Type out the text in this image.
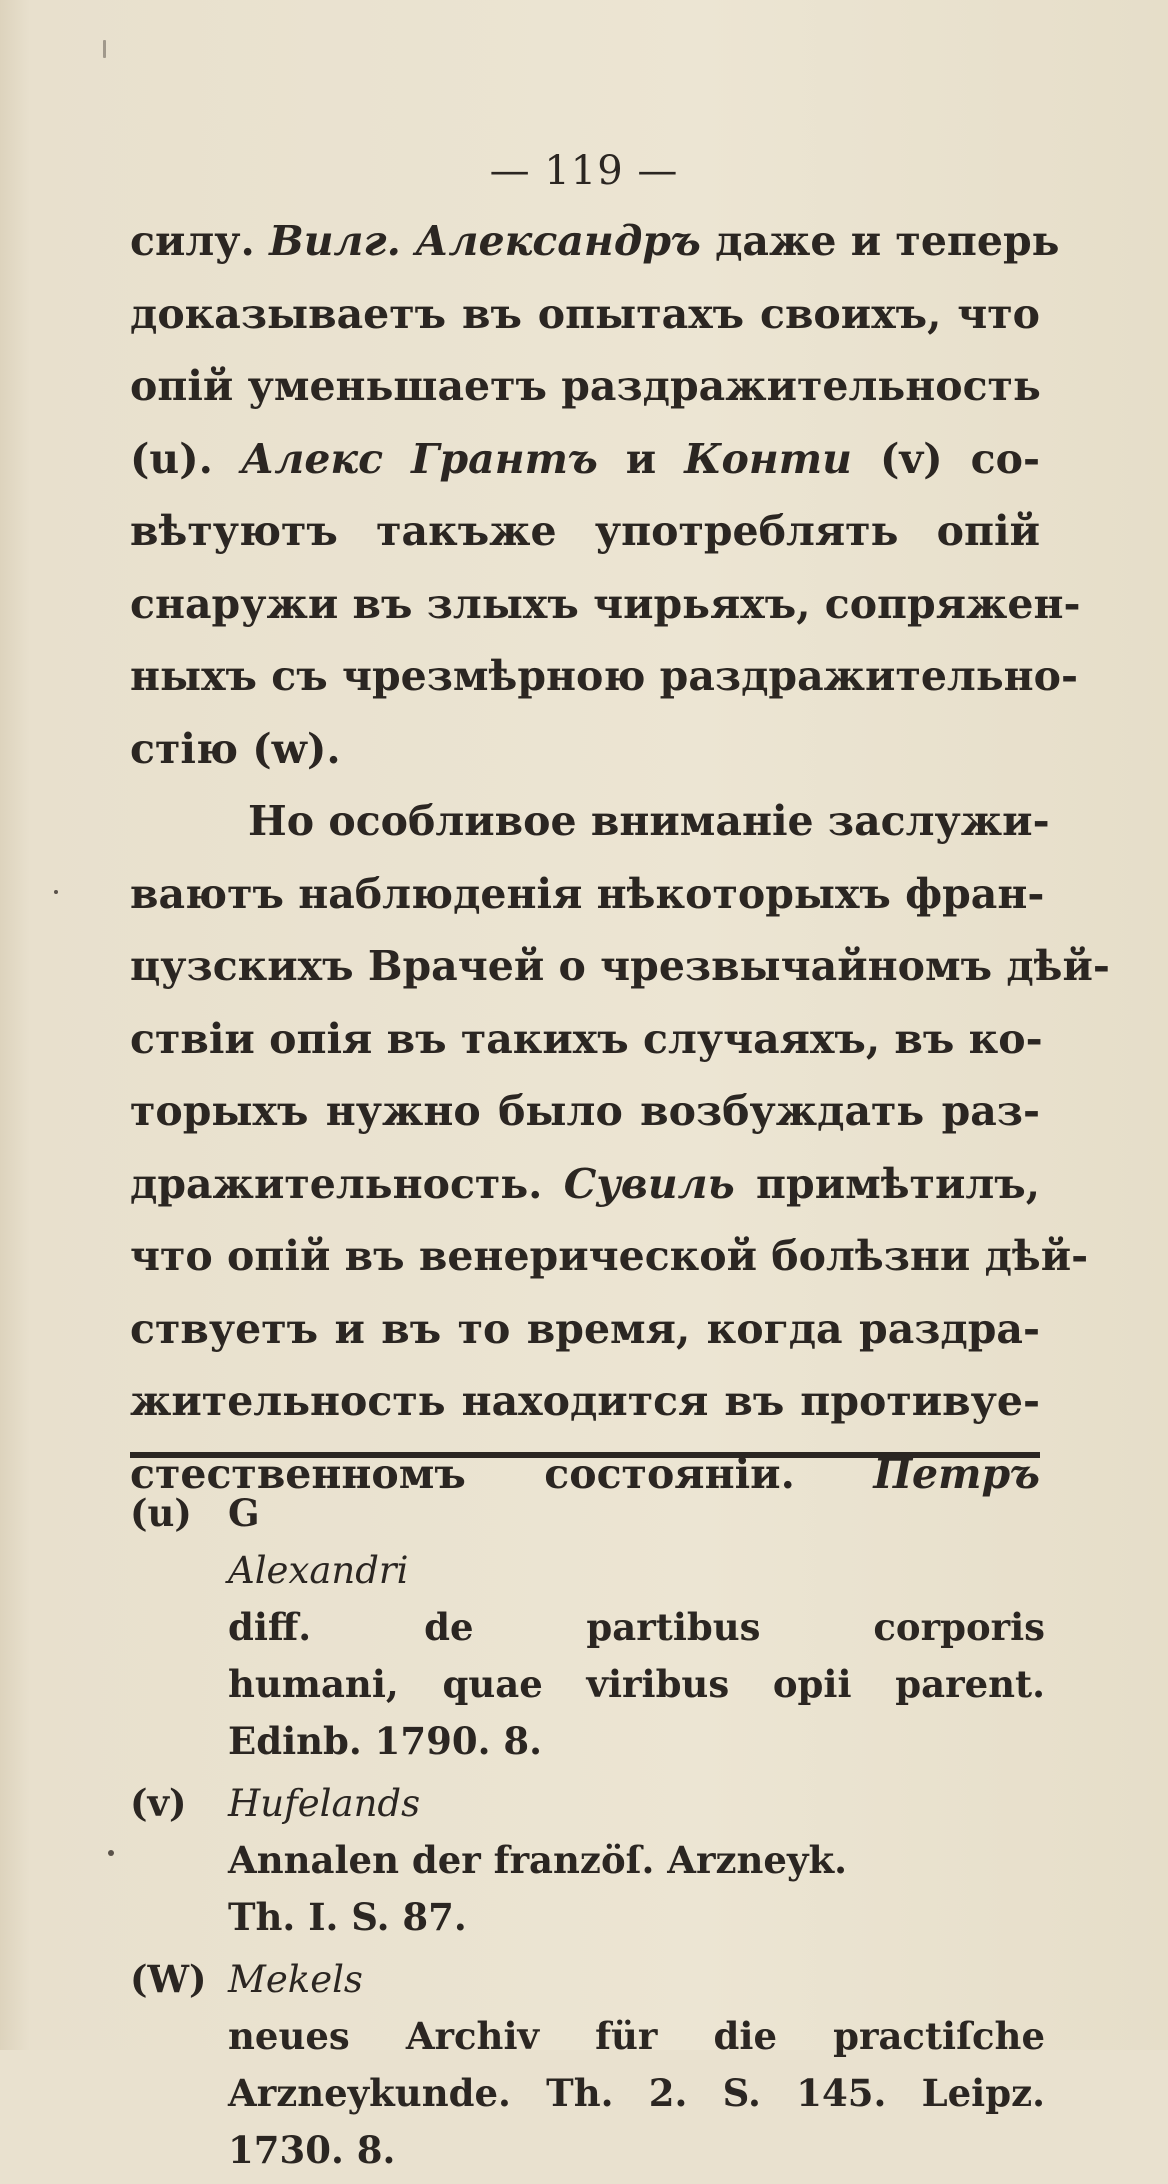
— 119 —
силу. Вилг. Александръ даже и теперь
доказываетъ въ опытахъ своихъ, что
опій уменьшаетъ раздражительность
(u). Алекс Грантъ и Конти (v) со-
вѣтуютъ такъже употреблять опій
снаружи въ злыхъ чирьяхъ, сопряжен-
ныхъ съ чрезмѣрною раздражительно-
стію (w).
Но особливое вниманіе заслужи-
ваютъ наблюденія нѣкоторыхъ фран-
цузскихъ Врачей о чрезвычайномъ дѣй-
ствіи опія въ такихъ случаяхъ, въ ко-
торыхъ нужно было возбуждать раз-
дражительность. Сувиль примѣтилъ,
что опій въ венерической болѣзни дѣй-
ствуетъ и въ то время, когда раздра-
жительность находится въ противуе-
стественномъ состояніи. Петръ
(u) G
Alexandri
diff. de partibus corporis
humani, quae viribus opii parent.
Edinb. 1790. 8.
(v)	Hufelands
Annalen der franzöſ. Arzneyk.
Th. I. S. 87.
(W) Mekels
neues Archiv für die practiſche
Arzneykunde. Th. 2. S. 145. Leipz.
1730. 8.
